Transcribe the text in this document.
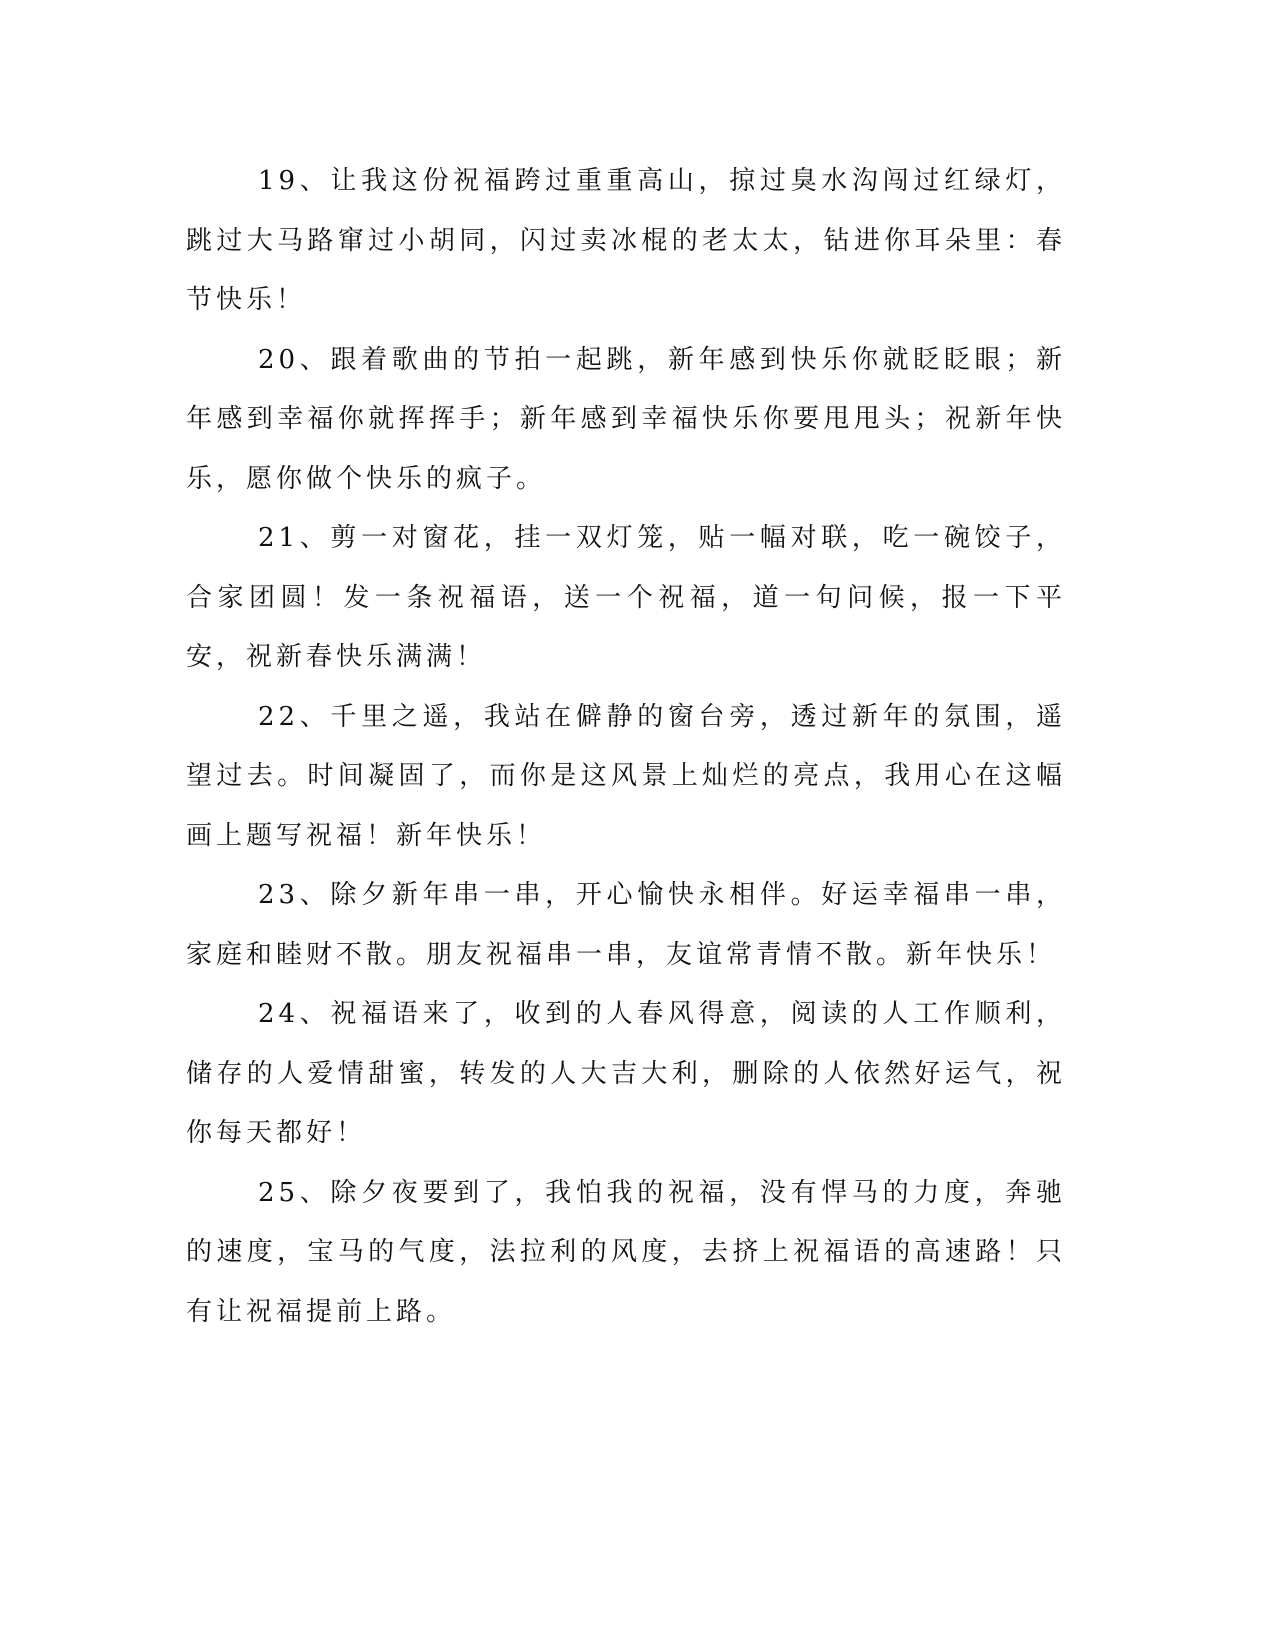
19、让我这份祝福跨过重重高山，掠过臭水沟闯过红绿灯，跳过大马路窜过小胡同，闪过卖冰棍的老太太，钻进你耳朵里：春节快乐！

20、跟着歌曲的节拍一起跳，新年感到快乐你就眨眨眼；新年感到幸福你就挥挥手；新年感到幸福快乐你要甩甩头；祝新年快乐，愿你做个快乐的疯子。

21、剪一对窗花，挂一双灯笼，贴一幅对联，吃一碗饺子，合家团圆！发一条祝福语，送一个祝福，道一句问候，报一下平安，祝新春快乐满满！

22、千里之遥，我站在僻静的窗台旁，透过新年的氛围，遥望过去。时间凝固了，而你是这风景上灿烂的亮点，我用心在这幅画上题写祝福！新年快乐！

23、除夕新年串一串，开心愉快永相伴。好运幸福串一串，家庭和睦财不散。朋友祝福串一串，友谊常青情不散。新年快乐！

24、祝福语来了，收到的人春风得意，阅读的人工作顺利，储存的人爱情甜蜜，转发的人大吉大利，删除的人依然好运气，祝你每天都好！

25、除夕夜要到了，我怕我的祝福，没有悍马的力度，奔驰的速度，宝马的气度，法拉利的风度，去挤上祝福语的高速路！只有让祝福提前上路。
